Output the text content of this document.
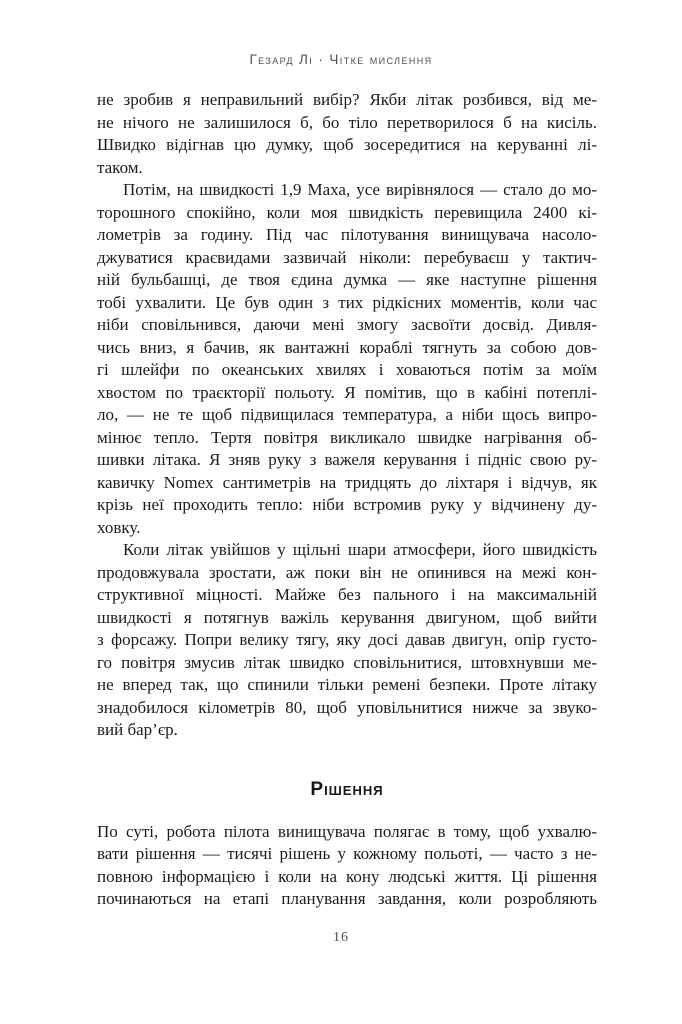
Гезард Лі · Чітке мислення
не зробив я неправильний вибір? Якби літак розбився, від ме-
не нічого не залишилося б, бо тіло перетворилося б на кисіль.
Швидко відігнав цю думку, щоб зосередитися на керуванні лі-
таком.
Потім, на швидкості 1,9 Маха, усе вирівнялося — стало до мо-
торошного спокійно, коли моя швидкість перевищила 2400 кі-
лометрів за годину. Під час пілотування винищувача насоло-
джуватися краєвидами зазвичай ніколи: перебуваєш у тактич-
ній бульбашці, де твоя єдина думка — яке наступне рішення
тобі ухвалити. Це був один з тих рідкісних моментів, коли час
ніби сповільнився, даючи мені змогу засвоїти досвід. Дивля-
чись вниз, я бачив, як вантажні кораблі тягнуть за собою дов-
гі шлейфи по океанських хвилях і ховаються потім за моїм
хвостом по траєкторії польоту. Я помітив, що в кабіні потеплі-
ло, — не те щоб підвищилася температура, а ніби щось випро-
мінює тепло. Тертя повітря викликало швидке нагрівання об-
шивки літака. Я зняв руку з важеля керування і підніс свою ру-
кавичку Nomex сантиметрів на тридцять до ліхтаря і відчув, як
крізь неї проходить тепло: ніби встромив руку у відчинену ду-
ховку.
Коли літак увійшов у щільні шари атмосфери, його швидкість
продовжувала зростати, аж поки він не опинився на межі кон-
структивної міцності. Майже без пального і на максимальній
швидкості я потягнув важіль керування двигуном, щоб вийти
з форсажу. Попри велику тягу, яку досі давав двигун, опір густо-
го повітря змусив літак швидко сповільнитися, штовхнувши ме-
не вперед так, що спинили тільки ремені безпеки. Проте літаку
знадобилося кілометрів 80, щоб уповільнитися нижче за звуко-
вий бар’єр.
Рішення
По суті, робота пілота винищувача полягає в тому, щоб ухвалю-
вати рішення — тисячі рішень у кожному польоті, — часто з не-
повною інформацією і коли на кону людські життя. Ці рішення
починаються на етапі планування завдання, коли розробляють
16
